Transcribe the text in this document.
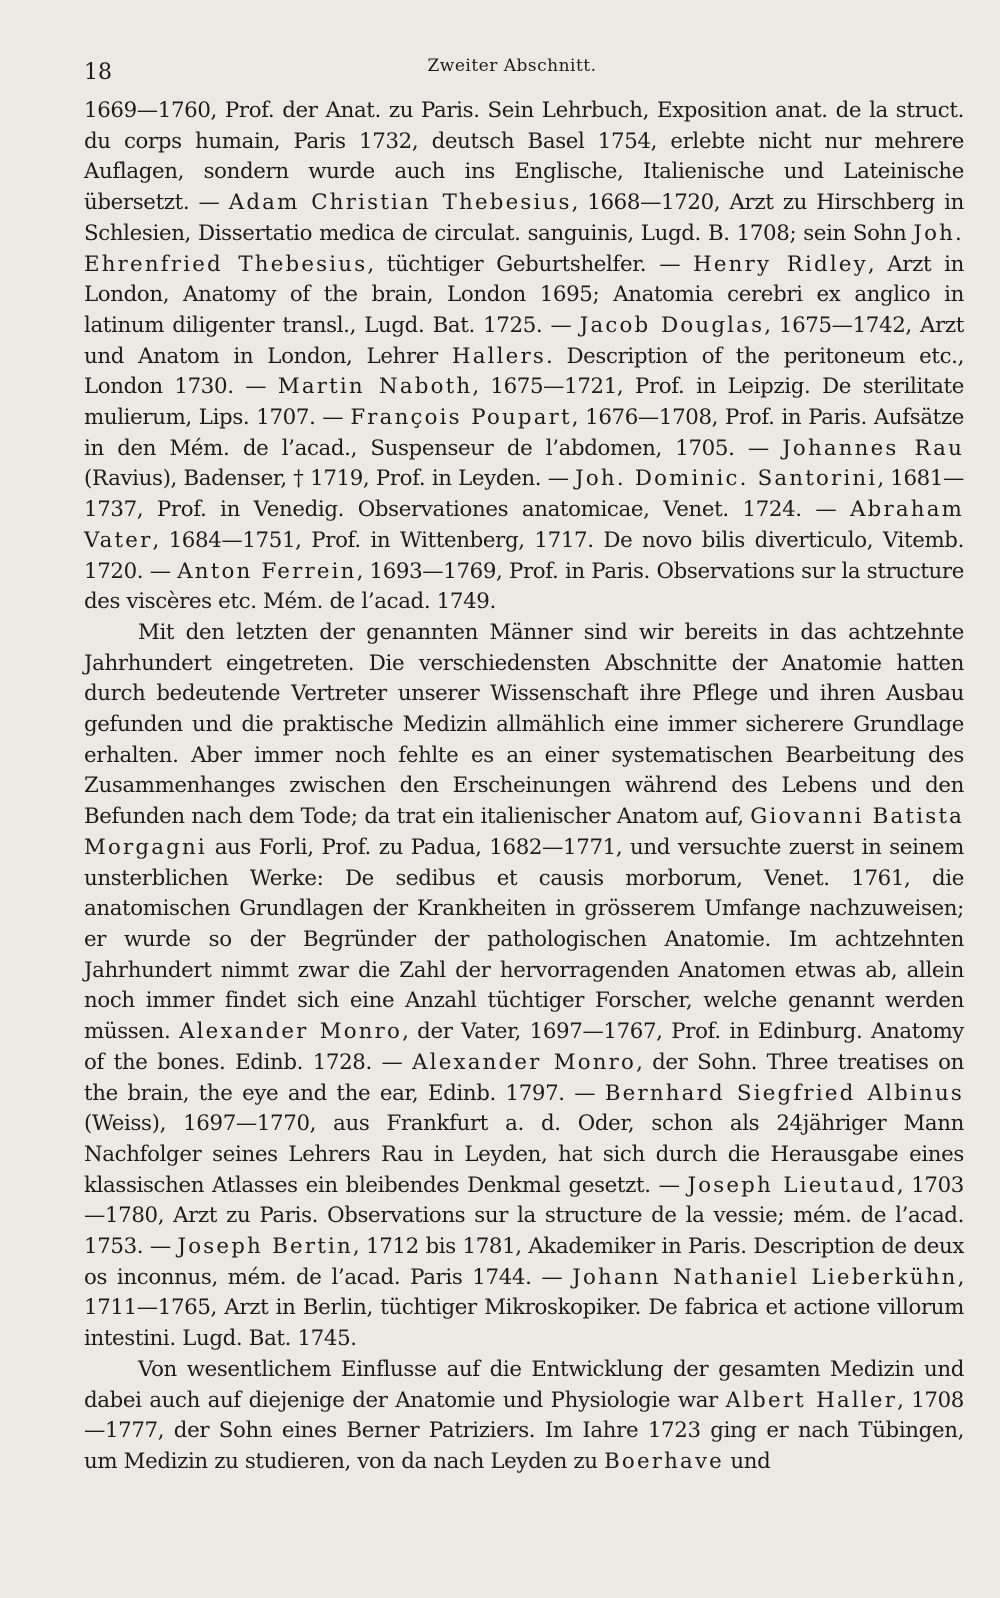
18	Zweiter Abschnitt.

1669—1760, Prof. der Anat. zu Paris. Sein Lehrbuch, Exposition anat. de la struct. du corps humain, Paris 1732, deutsch Basel 1754, erlebte nicht nur mehrere Auflagen, sondern wurde auch ins Englische, Italienische und Lateinische übersetzt. — Adam Christian Thebesius, 1668—1720, Arzt zu Hirschberg in Schlesien, Dissertatio medica de circulat. sanguinis, Lugd. B. 1708; sein Sohn Joh. Ehrenfried Thebesius, tüchtiger Geburtshelfer. — Henry Ridley, Arzt in London, Anatomy of the brain, London 1695; Anatomia cerebri ex anglico in latinum diligenter transl., Lugd. Bat. 1725. — Jacob Douglas, 1675—1742, Arzt und Anatom in London, Lehrer Hallers. Description of the peritoneum etc., London 1730. — Martin Naboth, 1675—1721, Prof. in Leipzig. De sterilitate mulierum, Lips. 1707. — François Poupart, 1676—1708, Prof. in Paris. Aufsätze in den Mém. de l’acad., Suspenseur de l’abdomen, 1705. — Johannes Rau (Ravius), Badenser, † 1719, Prof. in Leyden. — Joh. Dominic. Santorini, 1681—1737, Prof. in Venedig. Observationes anatomicae, Venet. 1724. — Abraham Vater, 1684—1751, Prof. in Wittenberg, 1717. De novo bilis diverticulo, Vitemb. 1720. — Anton Ferrein, 1693—1769, Prof. in Paris. Observations sur la structure des viscères etc. Mém. de l’acad. 1749.

Mit den letzten der genannten Männer sind wir bereits in das achtzehnte Jahrhundert eingetreten. Die verschiedensten Abschnitte der Anatomie hatten durch bedeutende Vertreter unserer Wissenschaft ihre Pflege und ihren Ausbau gefunden und die praktische Medizin allmählich eine immer sicherere Grundlage erhalten. Aber immer noch fehlte es an einer systematischen Bearbeitung des Zusammenhanges zwischen den Erscheinungen während des Lebens und den Befunden nach dem Tode; da trat ein italienischer Anatom auf, Giovanni Batista Morgagni aus Forli, Prof. zu Padua, 1682—1771, und versuchte zuerst in seinem unsterblichen Werke: De sedibus et causis morborum, Venet. 1761, die anatomischen Grundlagen der Krankheiten in grösserem Umfange nachzuweisen; er wurde so der Begründer der pathologischen Anatomie. Im achtzehnten Jahrhundert nimmt zwar die Zahl der hervorragenden Anatomen etwas ab, allein noch immer findet sich eine Anzahl tüchtiger Forscher, welche genannt werden müssen. Alexander Monro, der Vater, 1697—1767, Prof. in Edinburg. Anatomy of the bones. Edinb. 1728. — Alexander Monro, der Sohn. Three treatises on the brain, the eye and the ear, Edinb. 1797. — Bernhard Siegfried Albinus (Weiss), 1697—1770, aus Frankfurt a. d. Oder, schon als 24jähriger Mann Nachfolger seines Lehrers Rau in Leyden, hat sich durch die Herausgabe eines klassischen Atlasses ein bleibendes Denkmal gesetzt. — Joseph Lieutaud, 1703—1780, Arzt zu Paris. Observations sur la structure de la vessie; mém. de l’acad. 1753. — Joseph Bertin, 1712 bis 1781, Akademiker in Paris. Description de deux os inconnus, mém. de l’acad. Paris 1744. — Johann Nathaniel Lieberkühn, 1711—1765, Arzt in Berlin, tüchtiger Mikroskopiker. De fabrica et actione villorum intestini. Lugd. Bat. 1745.

Von wesentlichem Einflusse auf die Entwicklung der gesamten Medizin und dabei auch auf diejenige der Anatomie und Physiologie war Albert Haller, 1708—1777, der Sohn eines Berner Patriziers. Im Iahre 1723 ging er nach Tübingen, um Medizin zu studieren, von da nach Leyden zu Boerhave und
